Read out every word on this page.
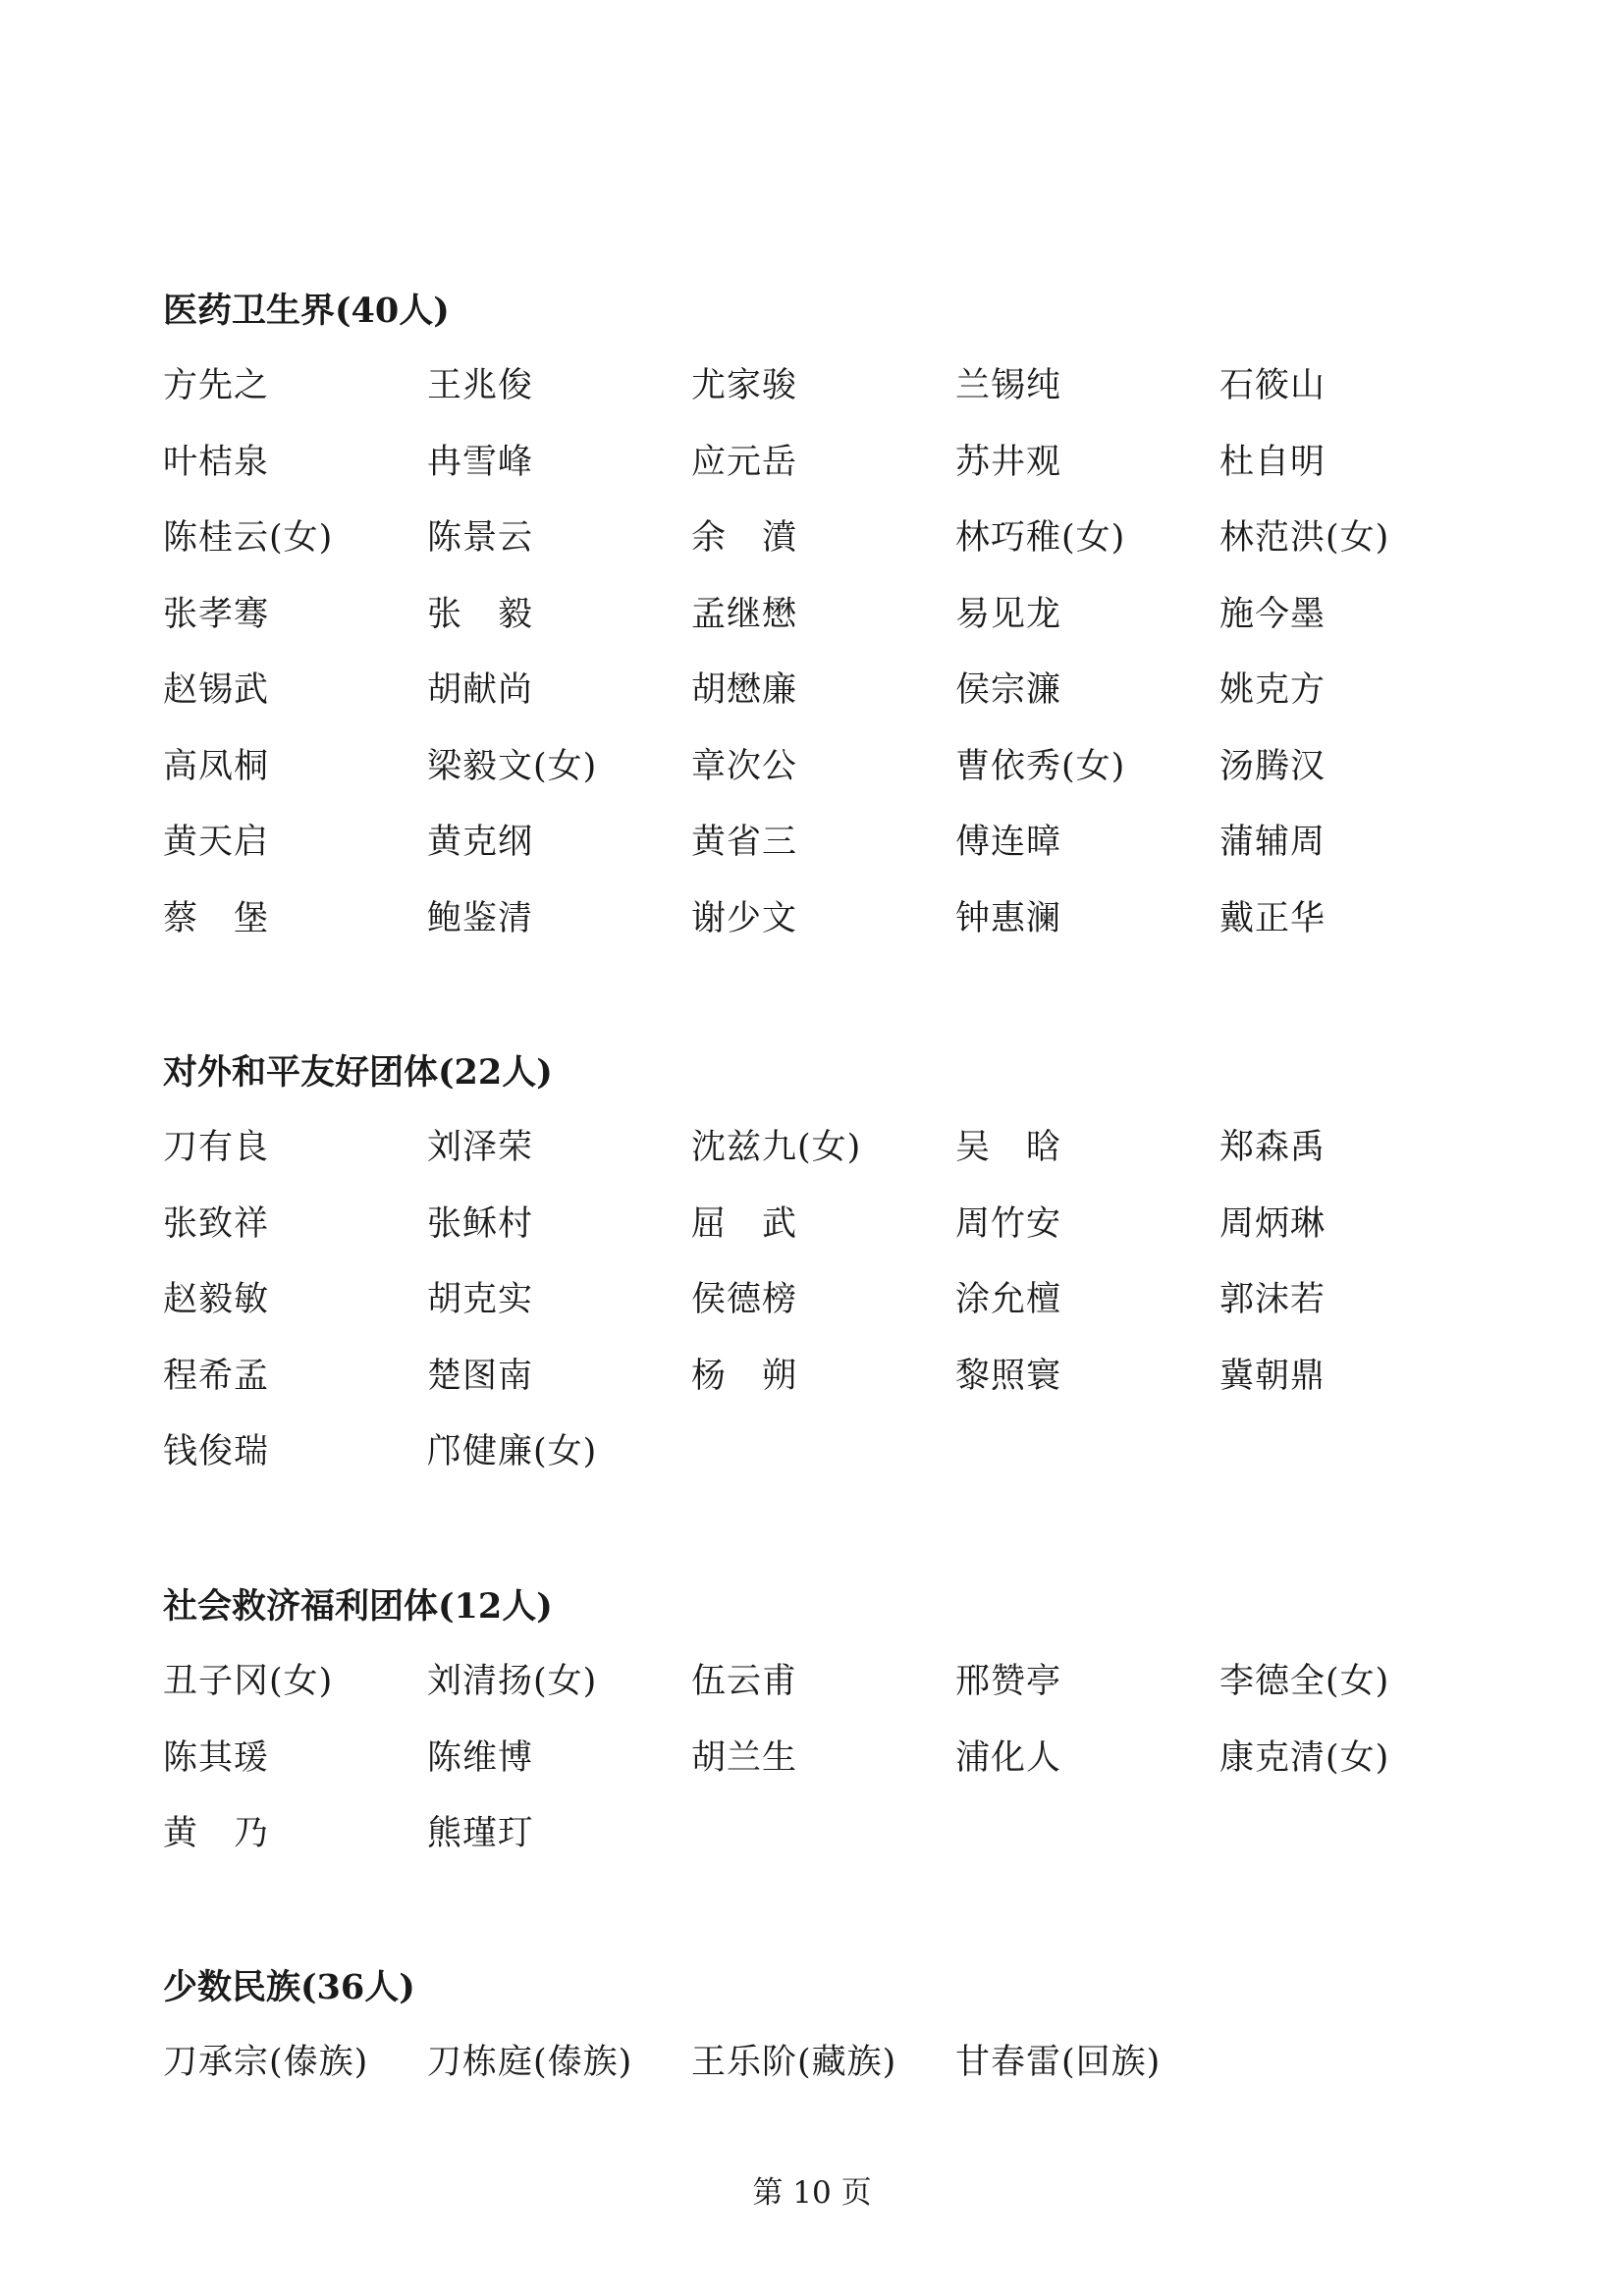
医药卫生界(40人)
方先之	王兆俊	尤家骏	兰锡纯	石筱山
叶桔泉	冉雪峰	应元岳	苏井观	杜自明
陈桂云(女)	陈景云	余　濆	林巧稚(女)	林范洪(女)
张孝骞	张　毅	孟继懋	易见龙	施今墨
赵锡武	胡献尚	胡懋廉	侯宗濂	姚克方
高凤桐	梁毅文(女)	章次公	曹依秀(女)	汤腾汉
黄天启	黄克纲	黄省三	傅连暲	蒲辅周
蔡　堡	鲍鉴清	谢少文	钟惠澜	戴正华
对外和平友好团体(22人)
刀有良	刘泽荣	沈兹九(女)	吴　晗	郑森禹
张致祥	张稣村	屈　武	周竹安	周炳琳
赵毅敏	胡克实	侯德榜	涂允檀	郭沫若
程希孟	楚图南	杨　朔	黎照寰	冀朝鼎
钱俊瑞	邝健廉(女)
社会救济福利团体(12人)
丑子冈(女)	刘清扬(女)	伍云甫	邢赞亭	李德全(女)
陈其瑗	陈维博	胡兰生	浦化人	康克清(女)
黄　乃	熊瑾玎
少数民族(36人)
刀承宗(傣族)	刀栋庭(傣族)	王乐阶(藏族)	甘春雷(回族)
第 10 页
